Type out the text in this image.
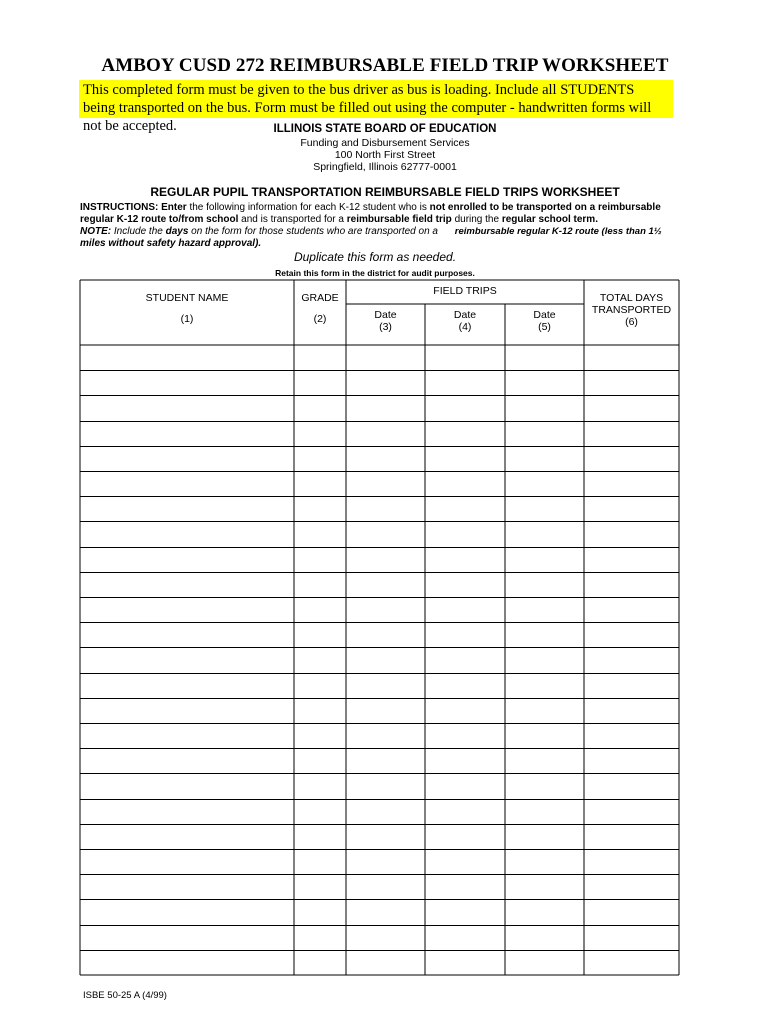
AMBOY CUSD 272 REIMBURSABLE FIELD TRIP WORKSHEET
This completed form must be given to the bus driver as bus is loading. Include all STUDENTS being transported on the bus. Form must be filled out using the computer - handwritten forms will not be accepted.	ILLINOIS STATE BOARD OF EDUCATION
Funding and Disbursement Services
100 North First Street
Springfield, Illinois 62777-0001
REGULAR PUPIL TRANSPORTATION REIMBURSABLE FIELD TRIPS WORKSHEET
INSTRUCTIONS: Enter the following information for each K-12 student who is not enrolled to be transported on a reimbursable regular K-12 route to/from school and is transported for a reimbursable field trip during the regular school term.
NOTE: Include the days on the form for those students who are transported on a reimbursable regular K-12 route (less than 1½
miles without safety hazard approval).
Duplicate this form as needed.
Retain this form in the district for audit purposes.
STUDENT NAME
(1)
GRADE
(2)
FIELD TRIPS
Date
(3)
Date
(4)
Date
(5)
TOTAL DAYS
TRANSPORTED
(6)
ISBE 50-25 A (4/99)
